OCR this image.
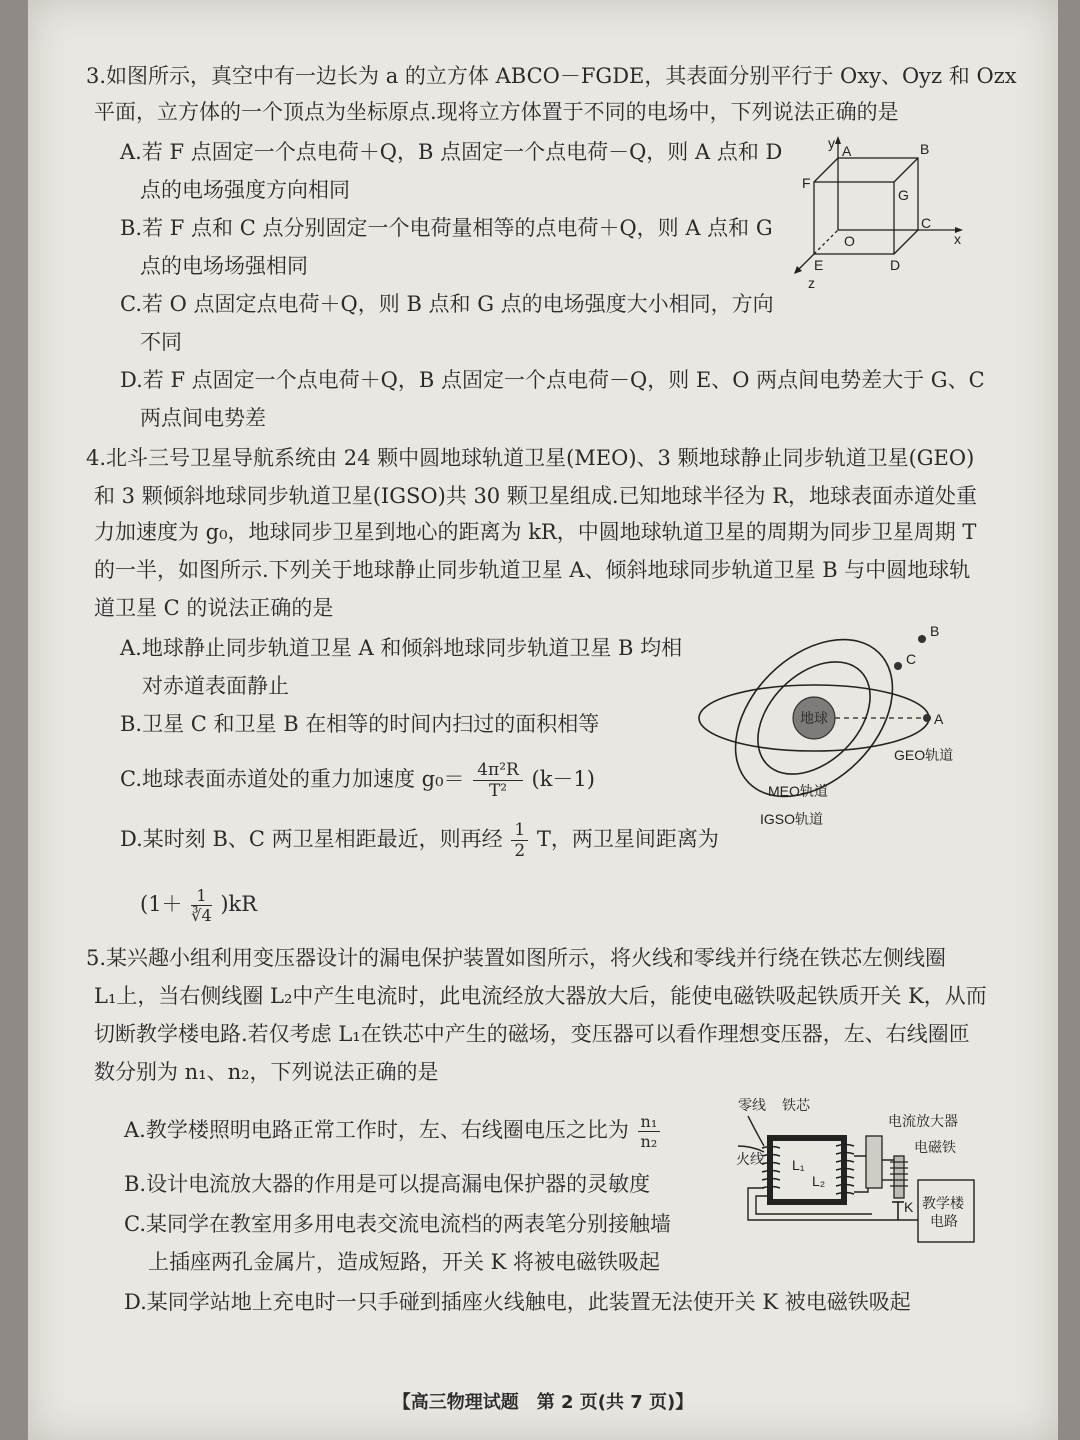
3.如图所示，真空中有一边长为 a 的立方体 ABCO－FGDE，其表面分别平行于 Oxy、Oyz 和 Ozx
平面，立方体的一个顶点为坐标原点.现将立方体置于不同的电场中，下列说法正确的是
A.若 F 点固定一个点电荷＋Q，B 点固定一个点电荷－Q，则 A 点和 D
点的电场强度方向相同
B.若 F 点和 C 点分别固定一个电荷量相等的点电荷＋Q，则 A 点和 G
点的电场场强相同
C.若 O 点固定点电荷＋Q，则 B 点和 G 点的电场强度大小相同，方向
不同
D.若 F 点固定一个点电荷＋Q，B 点固定一个点电荷－Q，则 E、O 两点间电势差大于 G、C
两点间电势差
y A	B
F
G
C
O	x
E	D
z
4.北斗三号卫星导航系统由 24 颗中圆地球轨道卫星(MEO)、3 颗地球静止同步轨道卫星(GEO)
和 3 颗倾斜地球同步轨道卫星(IGSO)共 30 颗卫星组成.已知地球半径为 R，地球表面赤道处重
力加速度为 g₀，地球同步卫星到地心的距离为 kR，中圆地球轨道卫星的周期为同步卫星周期 T
的一半，如图所示.下列关于地球静止同步轨道卫星 A、倾斜地球同步轨道卫星 B 与中圆地球轨
道卫星 C 的说法正确的是
A.地球静止同步轨道卫星 A 和倾斜地球同步轨道卫星 B 均相
对赤道表面静止
B.卫星 C 和卫星 B 在相等的时间内扫过的面积相等
C.地球表面赤道处的重力加速度 $g_0= \frac{\text{4π²R}}{\text{T²}} (k-1)$
D.某时刻 B、C 两卫星相距最近，则再经 $\frac{1}{2}$ T，两卫星间距离为
$(1+ \frac{1}{∛4} )kR$
地球	A
B
C
GEO轨道
MEO轨道
IGSO轨道
5.某兴趣小组利用变压器设计的漏电保护装置如图所示，将火线和零线并行绕在铁芯左侧线圈
L₁上，当右侧线圈 L₂中产生电流时，此电流经放大器放大后，能使电磁铁吸起铁质开关 K，从而
切断教学楼电路.若仅考虑 L₁在铁芯中产生的磁场，变压器可以看作理想变压器，左、右线圈匝
数分别为 n₁、n₂，下列说法正确的是
A.教学楼照明电路正常工作时，左、右线圈电压之比为 $\frac{\text{n₁}}{\text{n₂}}$
B.设计电流放大器的作用是可以提高漏电保护器的灵敏度
C.某同学在教室用多用电表交流电流档的两表笔分别接触墙
上插座两孔金属片，造成短路，开关 K 将被电磁铁吸起
D.某同学站地上充电时一只手碰到插座火线触电，此装置无法使开关 K 被电磁铁吸起
教学楼
电路
零线 铁芯
电流放大器
电磁铁
火线 L₁
L₂
K
【高三物理试题　第 2 页(共 7 页)】
